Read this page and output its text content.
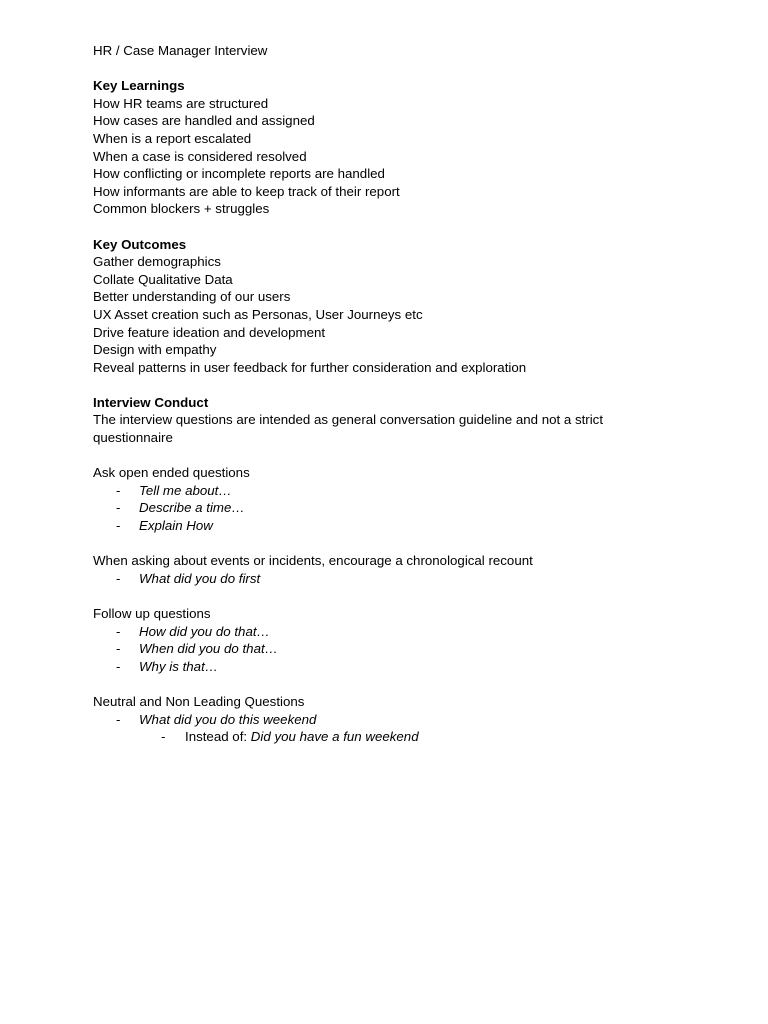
HR / Case Manager Interview

Key Learnings

How HR teams are structured

How cases are handled and assigned

When is a report escalated

When a case is considered resolved

How conflicting or incomplete reports are handled

How informants are able to keep track of their report

Common blockers + struggles

Key Outcomes

Gather demographics

Collate Qualitative Data

Better understanding of our users

UX Asset creation such as Personas, User Journeys etc

Drive feature ideation and development

Design with empathy

Reveal patterns in user feedback for further consideration and exploration

Interview Conduct

The interview questions are intended as general conversation guideline and not a strict questionnaire

Ask open ended questions

- Tell me about…
- Describe a time…
- Explain How

When asking about events or incidents, encourage a chronological recount

- What did you do first

Follow up questions

- How did you do that…
- When did you do that…
- Why is that…

Neutral and Non Leading Questions

- What did you do this weekend
- Instead of: Did you have a fun weekend
